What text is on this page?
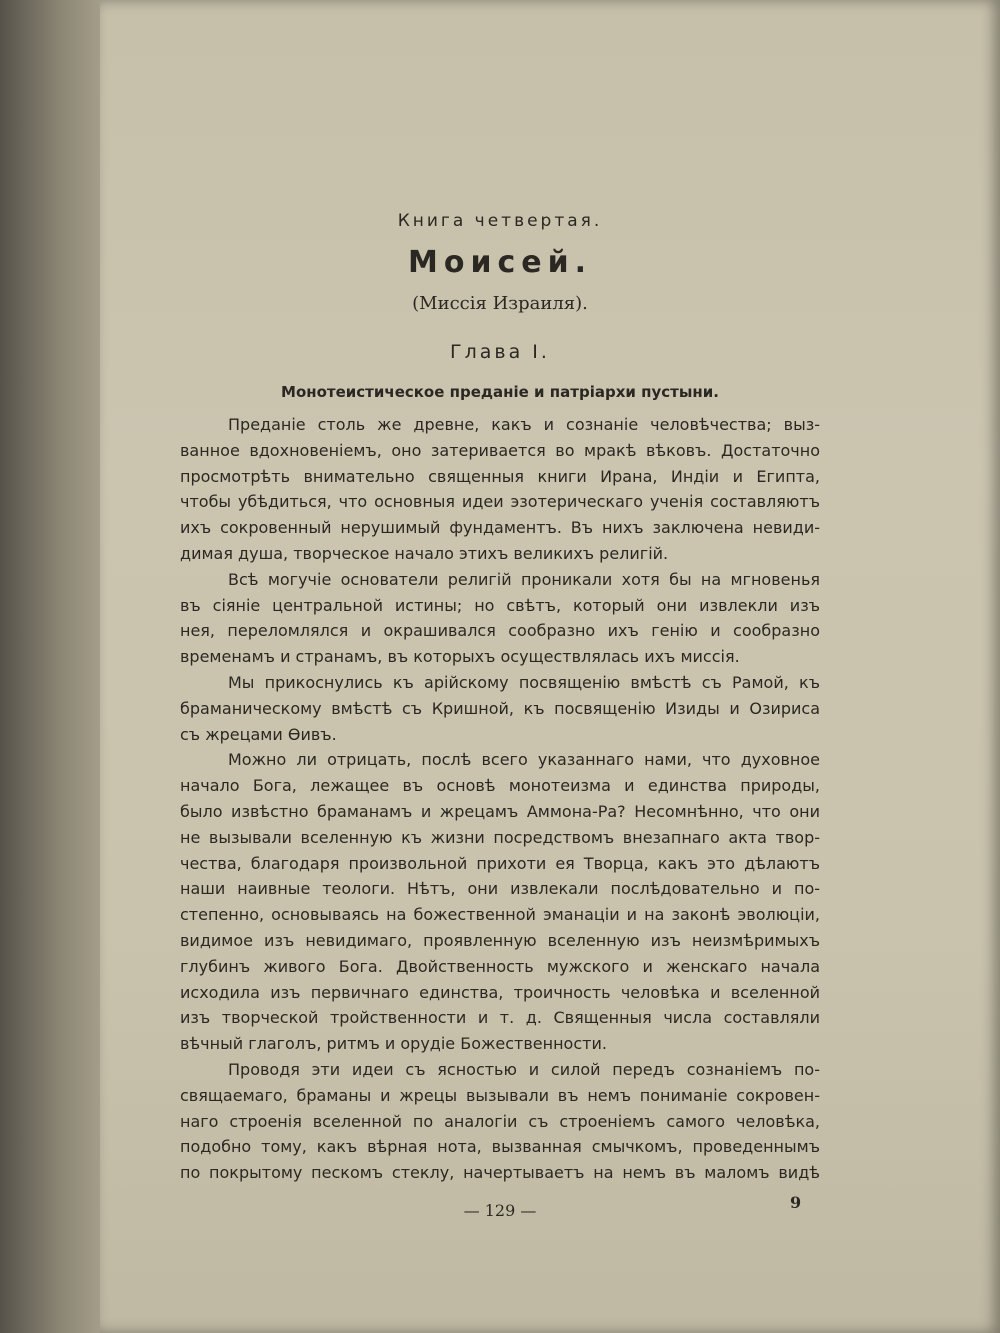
Книга четвертая.
Моисей.
(Миссія Израиля).
Глава I.
Монотеистическое преданіе и патріархи пустыни.
Преданіе столь же древне, какъ и сознаніе человѣчества; выз-
ванное вдохновеніемъ, оно затеривается во мракѣ вѣковъ. Достаточно
просмотрѣть внимательно священныя книги Ирана, Индіи и Египта,
чтобы убѣдиться, что основныя идеи эзотерическаго ученія составляютъ
ихъ сокровенный нерушимый фундаментъ. Въ нихъ заключена невиди-
димая душа, творческое начало этихъ великихъ религій.
Всѣ могучіе основатели религій проникали хотя бы на мгновенья
въ сіяніе центральной истины; но свѣтъ, который они извлекли изъ
нея, переломлялся и окрашивался сообразно ихъ генію и сообразно
временамъ и странамъ, въ которыхъ осуществлялась ихъ миссія.
Мы прикоснулись къ арійскому посвященію вмѣстѣ съ Рамой, къ
браманическому вмѣстѣ съ Кришной, къ посвященію Изиды и Озириса
съ жрецами Ѳивъ.
Можно ли отрицать, послѣ всего указаннаго нами, что духовное
начало Бога, лежащее въ основѣ монотеизма и единства природы,
было извѣстно браманамъ и жрецамъ Аммона-Ра? Несомнѣнно, что они
не вызывали вселенную къ жизни посредствомъ внезапнаго акта твор-
чества, благодаря произвольной прихоти ея Творца, какъ это дѣлаютъ
наши наивные теологи. Нѣтъ, они извлекали послѣдовательно и по-
степенно, основываясь на божественной эманаціи и на законѣ эволюціи,
видимое изъ невидимаго, проявленную вселенную изъ неизмѣримыхъ
глубинъ живого Бога. Двойственность мужского и женскаго начала
исходила изъ первичнаго единства, троичность человѣка и вселенной
изъ творческой тройственности и т. д. Священныя числа составляли
вѣчный глаголъ, ритмъ и орудіе Божественности.
Проводя эти идеи съ ясностью и силой передъ сознаніемъ по-
свящаемаго, браманы и жрецы вызывали въ немъ пониманіе сокровен-
наго строенія вселенной по аналогіи съ строеніемъ самого человѣка,
подобно тому, какъ вѣрная нота, вызванная смычкомъ, проведеннымъ
по покрытому пескомъ стеклу, начертываетъ на немъ въ маломъ видѣ
— 129 —	9
